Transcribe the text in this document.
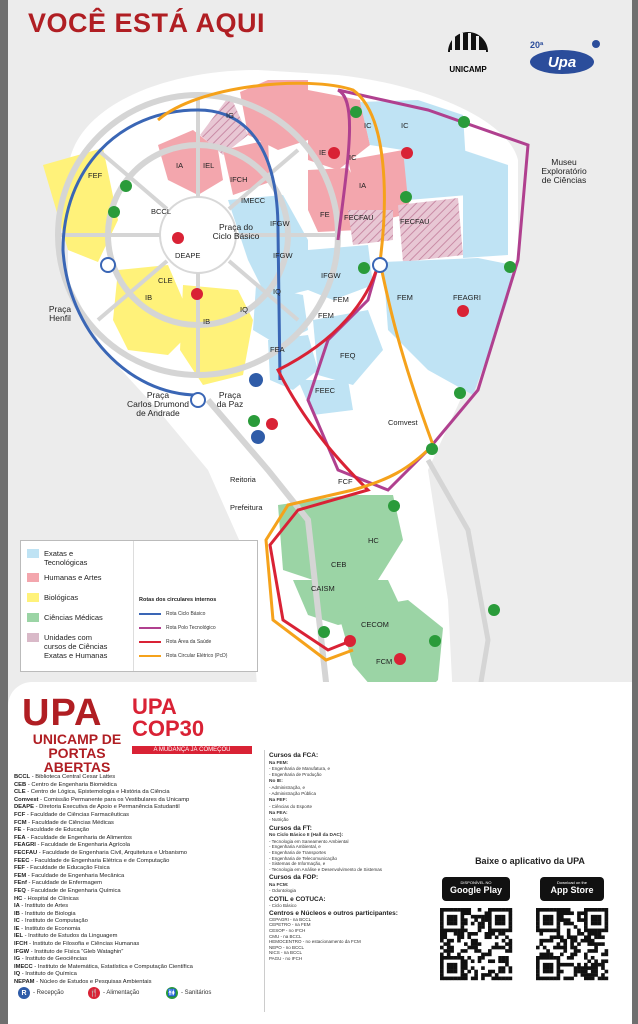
VOCÊ ESTÁ AQUI
UNICAMP
20ª
Upa
IG
IA	IEL
IFCH
IE
IC	IC
IC
IA
FE FECFAU	FECFAU
IMECC
IFGW
IFGW
IFGW
BCCL
DEAPE
FEF
CLE
IB
IB
IQ
IQ
FEM
FEM
FEM	FEAGRI
FEA
FEQ
FEEC
Comvest
FCF
HC
CEB
CAISM
CECOM
FCM
Reitoria
Prefeitura
Praça do Ciclo Básico
Praça Henfil
Praça Carlos Drumond de Andrade
Praça da Paz
Museu Exploratório de Ciências
Exatas e
Tecnológicas
Humanas e Artes
Biológicas
Ciências Médicas
Unidades com
cursos de Ciências
Exatas e Humanas
Rotas dos circulares internos
Rota Ciclo Básico
Rota Polo Tecnológico
Rota Área da Saúde
Rota Circular Elétrico (PcD)
UPA
UNICAMP DE
PORTAS ABERTAS
UPA COP30
A MUDANÇA JÁ COMEÇOU
BCCL - Biblioteca Central Cesar Lattes
CEB - Centro de Engenharia Biomédica
CLE - Centro de Lógica, Epistemologia e História da Ciência
Comvest - Comissão Permanente para os Vestibulares da Unicamp
DEAPE - Diretoria Executiva de Apoio e Permanência Estudantil
FCF - Faculdade de Ciências Farmacêuticas
FCM - Faculdade de Ciências Médicas
FE - Faculdade de Educação
FEA - Faculdade de Engenharia de Alimentos
FEAGRI - Faculdade de Engenharia Agrícola
FECFAU - Faculdade de Engenharia Civil, Arquitetura e Urbanismo
FEEC - Faculdade de Engenharia Elétrica e de Computação
FEF - Faculdade de Educação Física
FEM - Faculdade de Engenharia Mecânica
FEnf - Faculdade de Enfermagem
FEQ - Faculdade de Engenharia Química
HC - Hospital de Clínicas
IA - Instituto de Artes
IB - Instituto de Biologia
IC - Instituto de Computação
IE - Instituto de Economia
IEL - Instituto de Estudos da Linguagem
IFCH - Instituto de Filosofia e Ciências Humanas
IFGW - Instituto de Física “Gleb Wataghin”
IG - Instituto de Geociências
IMECC - Instituto de Matemática, Estatística e Computação Científica
IQ - Instituto de Química
NEPAM - Núcleo de Estudos e Pesquisas Ambientais
Cursos da FCA:
Na FEM:
- Engenharia de Manufatura, e
- Engenharia de Produção
No IE:
- Administração, e
- Administração Pública
Na FEF:
- Ciências do Esporte
Na FEA:
- Nutrição
Cursos da FT:
No Ciclo Básico II (Hall da DAC):
- Tecnologia em Saneamento Ambiental
- Engenharia Ambiental, e
- Engenharia de Transportes
- Engenharia de Telecomunicação
- Sistemas de Informação, e
- Tecnologia em Análise e Desenvolvimento de Sistemas
Cursos da FOP:
Na FCM:
- Odontologia
COTIL e COTUCA:
- Ciclo Básico
Centros e Núcleos e outros participantes:
CEPAGRI - na BCCL
CEPETRO - na FEM
CESOP - no IFCH
CMU - na BCCL
HEMOCENTRO - no estacionamento da FCM
NEPO - no BCCL
NICS - na BCCL
PAGU - no IFCH
Baixe o aplicativo da UPA
DISPONÍVEL NO
Google Play
Download on the
App Store
R	- Recepção	🍴 - Alimentação	🚻 - Sanitários
